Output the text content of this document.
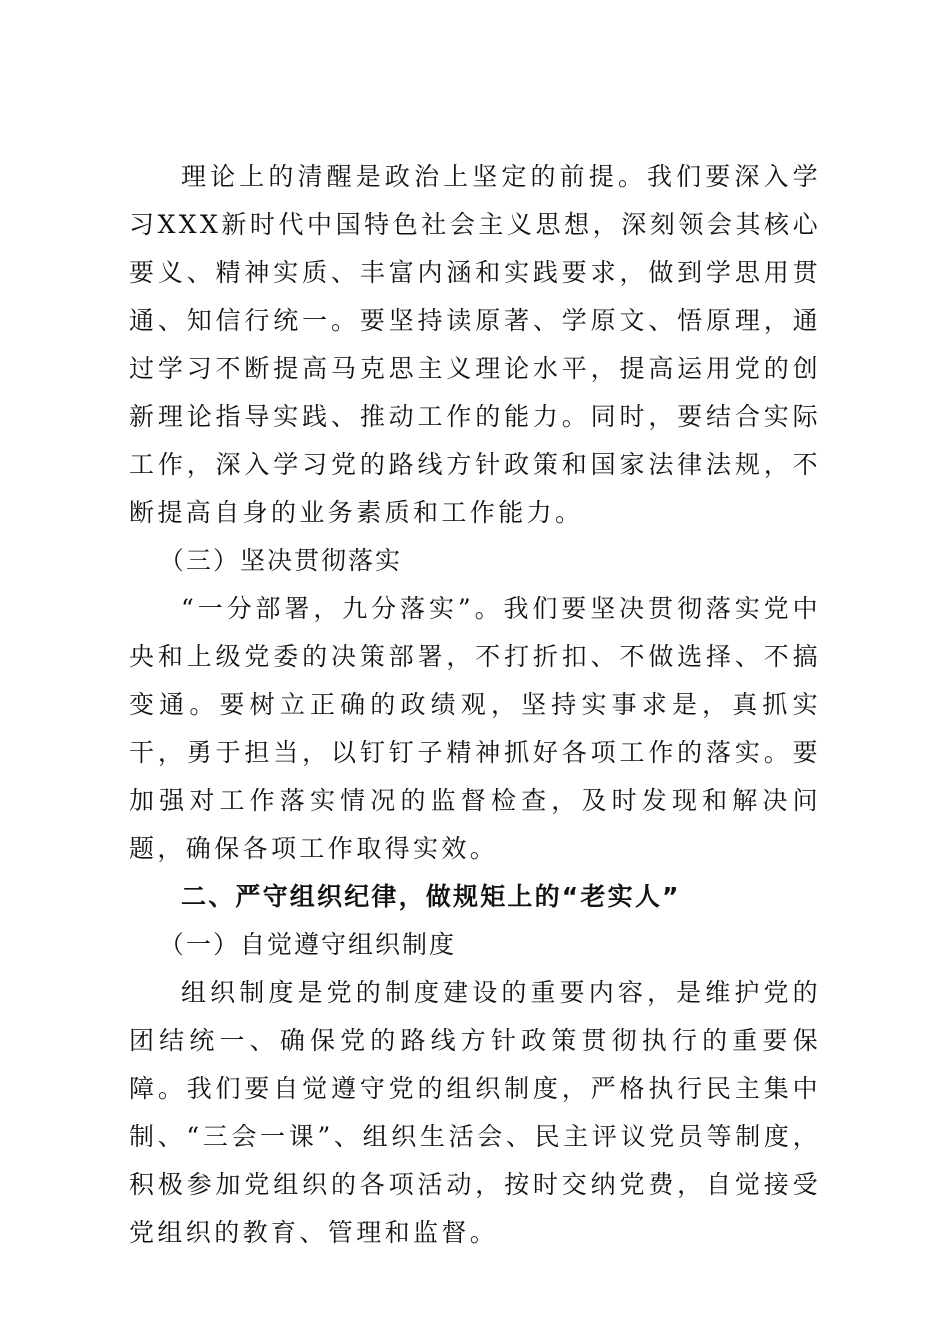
理论上的清醒是政治上坚定的前提。我们要深入学习XXX新时代中国特色社会主义思想，深刻领会其核心要义、精神实质、丰富内涵和实践要求，做到学思用贯通、知信行统一。要坚持读原著、学原文、悟原理，通过学习不断提高马克思主义理论水平，提高运用党的创新理论指导实践、推动工作的能力。同时，要结合实际工作，深入学习党的路线方针政策和国家法律法规，不断提高自身的业务素质和工作能力。

（三）坚决贯彻落实

“一分部署，九分落实”。我们要坚决贯彻落实党中央和上级党委的决策部署，不打折扣、不做选择、不搞变通。要树立正确的政绩观，坚持实事求是，真抓实干，勇于担当，以钉钉子精神抓好各项工作的落实。要加强对工作落实情况的监督检查，及时发现和解决问题，确保各项工作取得实效。

二、严守组织纪律，做规矩上的“老实人”

（一）自觉遵守组织制度

组织制度是党的制度建设的重要内容，是维护党的团结统一、确保党的路线方针政策贯彻执行的重要保障。我们要自觉遵守党的组织制度，严格执行民主集中制、“三会一课”、组织生活会、民主评议党员等制度，积极参加党组织的各项活动，按时交纳党费，自觉接受党组织的教育、管理和监督。
